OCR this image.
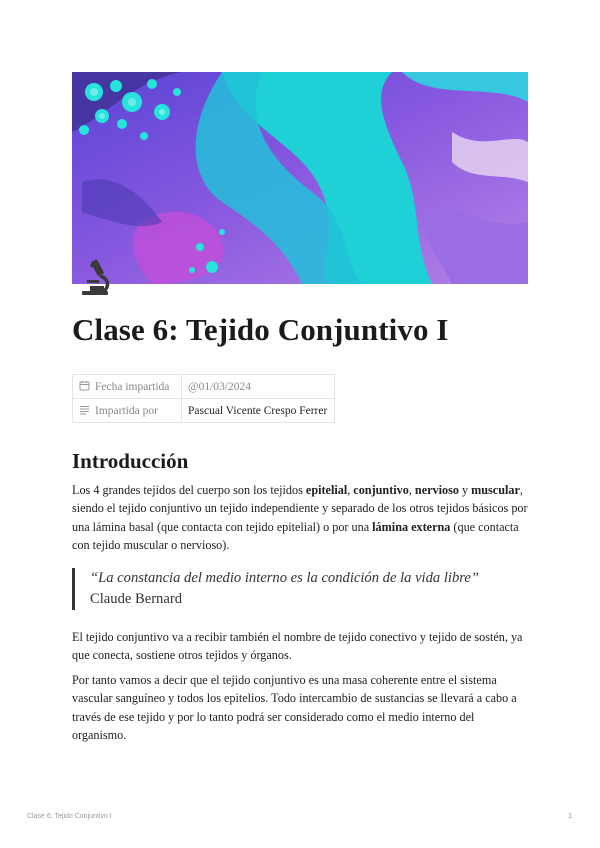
Clase 6: Tejido Conjuntivo I
Fecha impartida	@01/03/2024
Impartida por	Pascual Vicente Crespo Ferrer
Introducción

Los 4 grandes tejidos del cuerpo son los tejidos epitelial, conjuntivo, nervioso y muscular, siendo el tejido conjuntivo un tejido independiente y separado de los otros tejidos básicos por una lámina basal (que contacta con tejido epitelial) o por una lámina externa (que contacta con tejido muscular o nervioso).

“La constancia del medio interno es la condición de la vida libre”
Claude Bernard

El tejido conjuntivo va a recibir también el nombre de tejido conectivo y tejido de sostén, ya que conecta, sostiene otros tejidos y órganos.

Por tanto vamos a decir que el tejido conjuntivo es una masa coherente entre el sistema vascular sanguíneo y todos los epitelios. Todo intercambio de sustancias se llevará a cabo a través de ese tejido y por lo tanto podrá ser considerado como el medio interno del organismo.

Clase 6: Tejido Conjuntivo I	1
